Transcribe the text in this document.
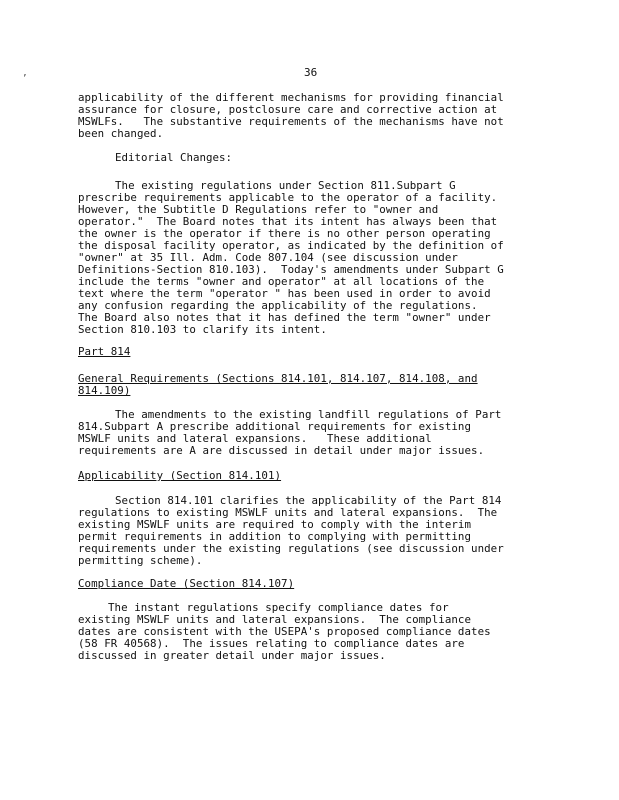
’	36
applicability of the different mechanisms for providing financial
assurance for closure, postclosure care and corrective action at
MSWLFs.   The substantive requirements of the mechanisms have not
been changed.
Editorial Changes:
The existing regulations under Section 811.Subpart G
prescribe requirements applicable to the operator of a facility.
However, the Subtitle D Regulations refer to "owner and
operator."  The Board notes that its intent has always been that
the owner is the operator if there is no other person operating
the disposal facility operator, as indicated by the definition of
"owner" at 35 Ill. Adm. Code 807.104 (see discussion under
Definitions-Section 810.103).  Today's amendments under Subpart G
include the terms "owner and operator" at all locations of the
text where the term "operator " has been used in order to avoid
any confusion regarding the applicability of the regulations.
The Board also notes that it has defined the term "owner" under
Section 810.103 to clarify its intent.
Part 814
General Requirements (Sections 814.101, 814.107, 814.108, and
814.109)
The amendments to the existing landfill regulations of Part
814.Subpart A prescribe additional requirements for existing
MSWLF units and lateral expansions.   These additional
requirements are A are discussed in detail under major issues.
Applicability (Section 814.101)
Section 814.101 clarifies the applicability of the Part 814
regulations to existing MSWLF units and lateral expansions.  The
existing MSWLF units are required to comply with the interim
permit requirements in addition to complying with permitting
requirements under the existing regulations (see discussion under
permitting scheme).
Compliance Date (Section 814.107)
The instant regulations specify compliance dates for
existing MSWLF units and lateral expansions.  The compliance
dates are consistent with the USEPA's proposed compliance dates
(58 FR 40568).  The issues relating to compliance dates are
discussed in greater detail under major issues.
